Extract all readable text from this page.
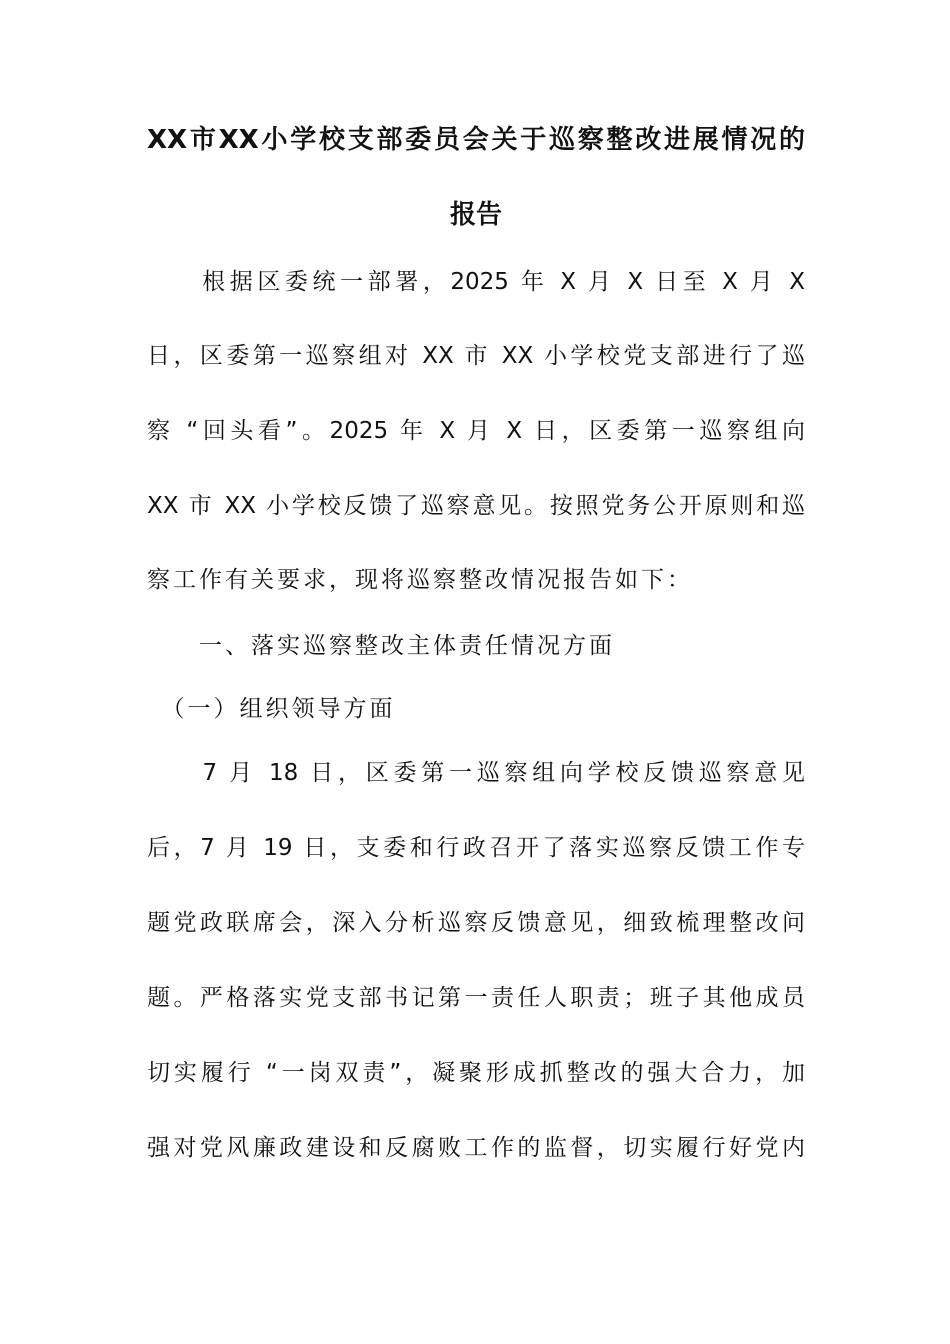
XX市XX小学校支部委员会关于巡察整改进展情况的
报告
　　根据区委统一部署，2025 年 X 月 X 日至 X 月 X
日，区委第一巡察组对 XX 市 XX 小学校党支部进行了巡
察 “回头看”。2025 年 X 月 X 日，区委第一巡察组向
XX 市 XX 小学校反馈了巡察意见。按照党务公开原则和巡
察工作有关要求，现将巡察整改情况报告如下：
　　一、落实巡察整改主体责任情况方面
　（一）组织领导方面
　　7 月 18 日，区委第一巡察组向学校反馈巡察意见
后，7 月 19 日，支委和行政召开了落实巡察反馈工作专
题党政联席会，深入分析巡察反馈意见，细致梳理整改问
题。严格落实党支部书记第一责任人职责；班子其他成员
切实履行 “一岗双责”，凝聚形成抓整改的强大合力，加
强对党风廉政建设和反腐败工作的监督，切实履行好党内
